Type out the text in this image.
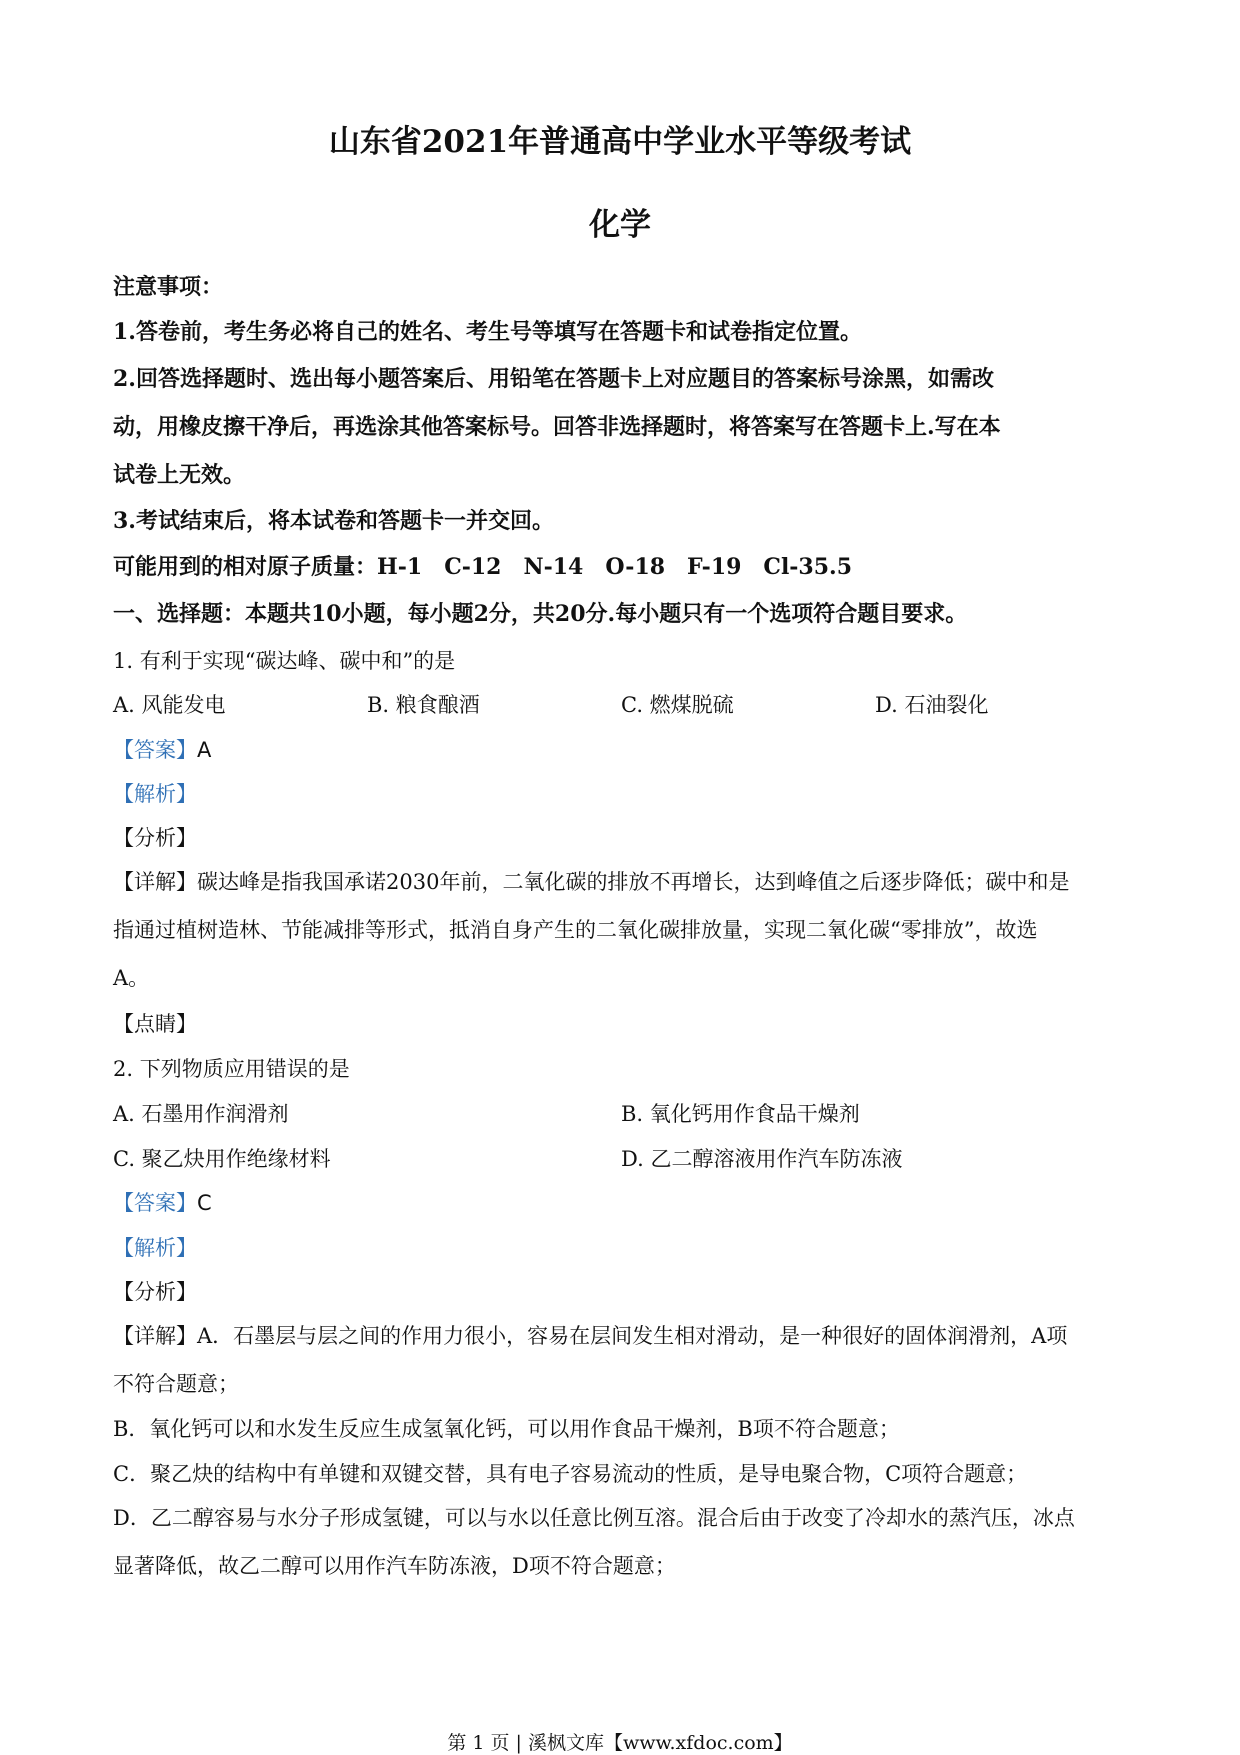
山东省2021年普通高中学业水平等级考试
化学
注意事项：
1.答卷前，考生务必将自己的姓名、考生号等填写在答题卡和试卷指定位置。
2.回答选择题时、选出每小题答案后、用铅笔在答题卡上对应题目的答案标号涂黑，如需改
动，用橡皮擦干净后，再选涂其他答案标号。回答非选择题时，将答案写在答题卡上.写在本
试卷上无效。
3.考试结束后，将本试卷和答题卡一并交回。
可能用到的相对原子质量：H-1　C-12　N-14　O-18　F-19　Cl-35.5
一、选择题：本题共10小题，每小题2分，共20分.每小题只有一个选项符合题目要求。
1. 有利于实现“碳达峰、碳中和”的是
A. 风能发电	B. 粮食酿酒	C. 燃煤脱硫	D. 石油裂化
【答案】A
【解析】
【分析】
【详解】碳达峰是指我国承诺2030年前，二氧化碳的排放不再增长，达到峰值之后逐步降低；碳中和是
指通过植树造林、节能减排等形式，抵消自身产生的二氧化碳排放量，实现二氧化碳“零排放”，故选
A。
【点睛】
2. 下列物质应用错误的是
A. 石墨用作润滑剂	B. 氧化钙用作食品干燥剂
C. 聚乙炔用作绝缘材料	D. 乙二醇溶液用作汽车防冻液
【答案】C
【解析】
【分析】
【详解】A．石墨层与层之间的作用力很小，容易在层间发生相对滑动，是一种很好的固体润滑剂，A项
不符合题意；
B．氧化钙可以和水发生反应生成氢氧化钙，可以用作食品干燥剂，B项不符合题意；
C．聚乙炔的结构中有单键和双键交替，具有电子容易流动的性质，是导电聚合物，C项符合题意；
D．乙二醇容易与水分子形成氢键，可以与水以任意比例互溶。混合后由于改变了冷却水的蒸汽压，冰点
显著降低，故乙二醇可以用作汽车防冻液，D项不符合题意；
第 1 页 | 溪枫文库【www.xfdoc.com】
